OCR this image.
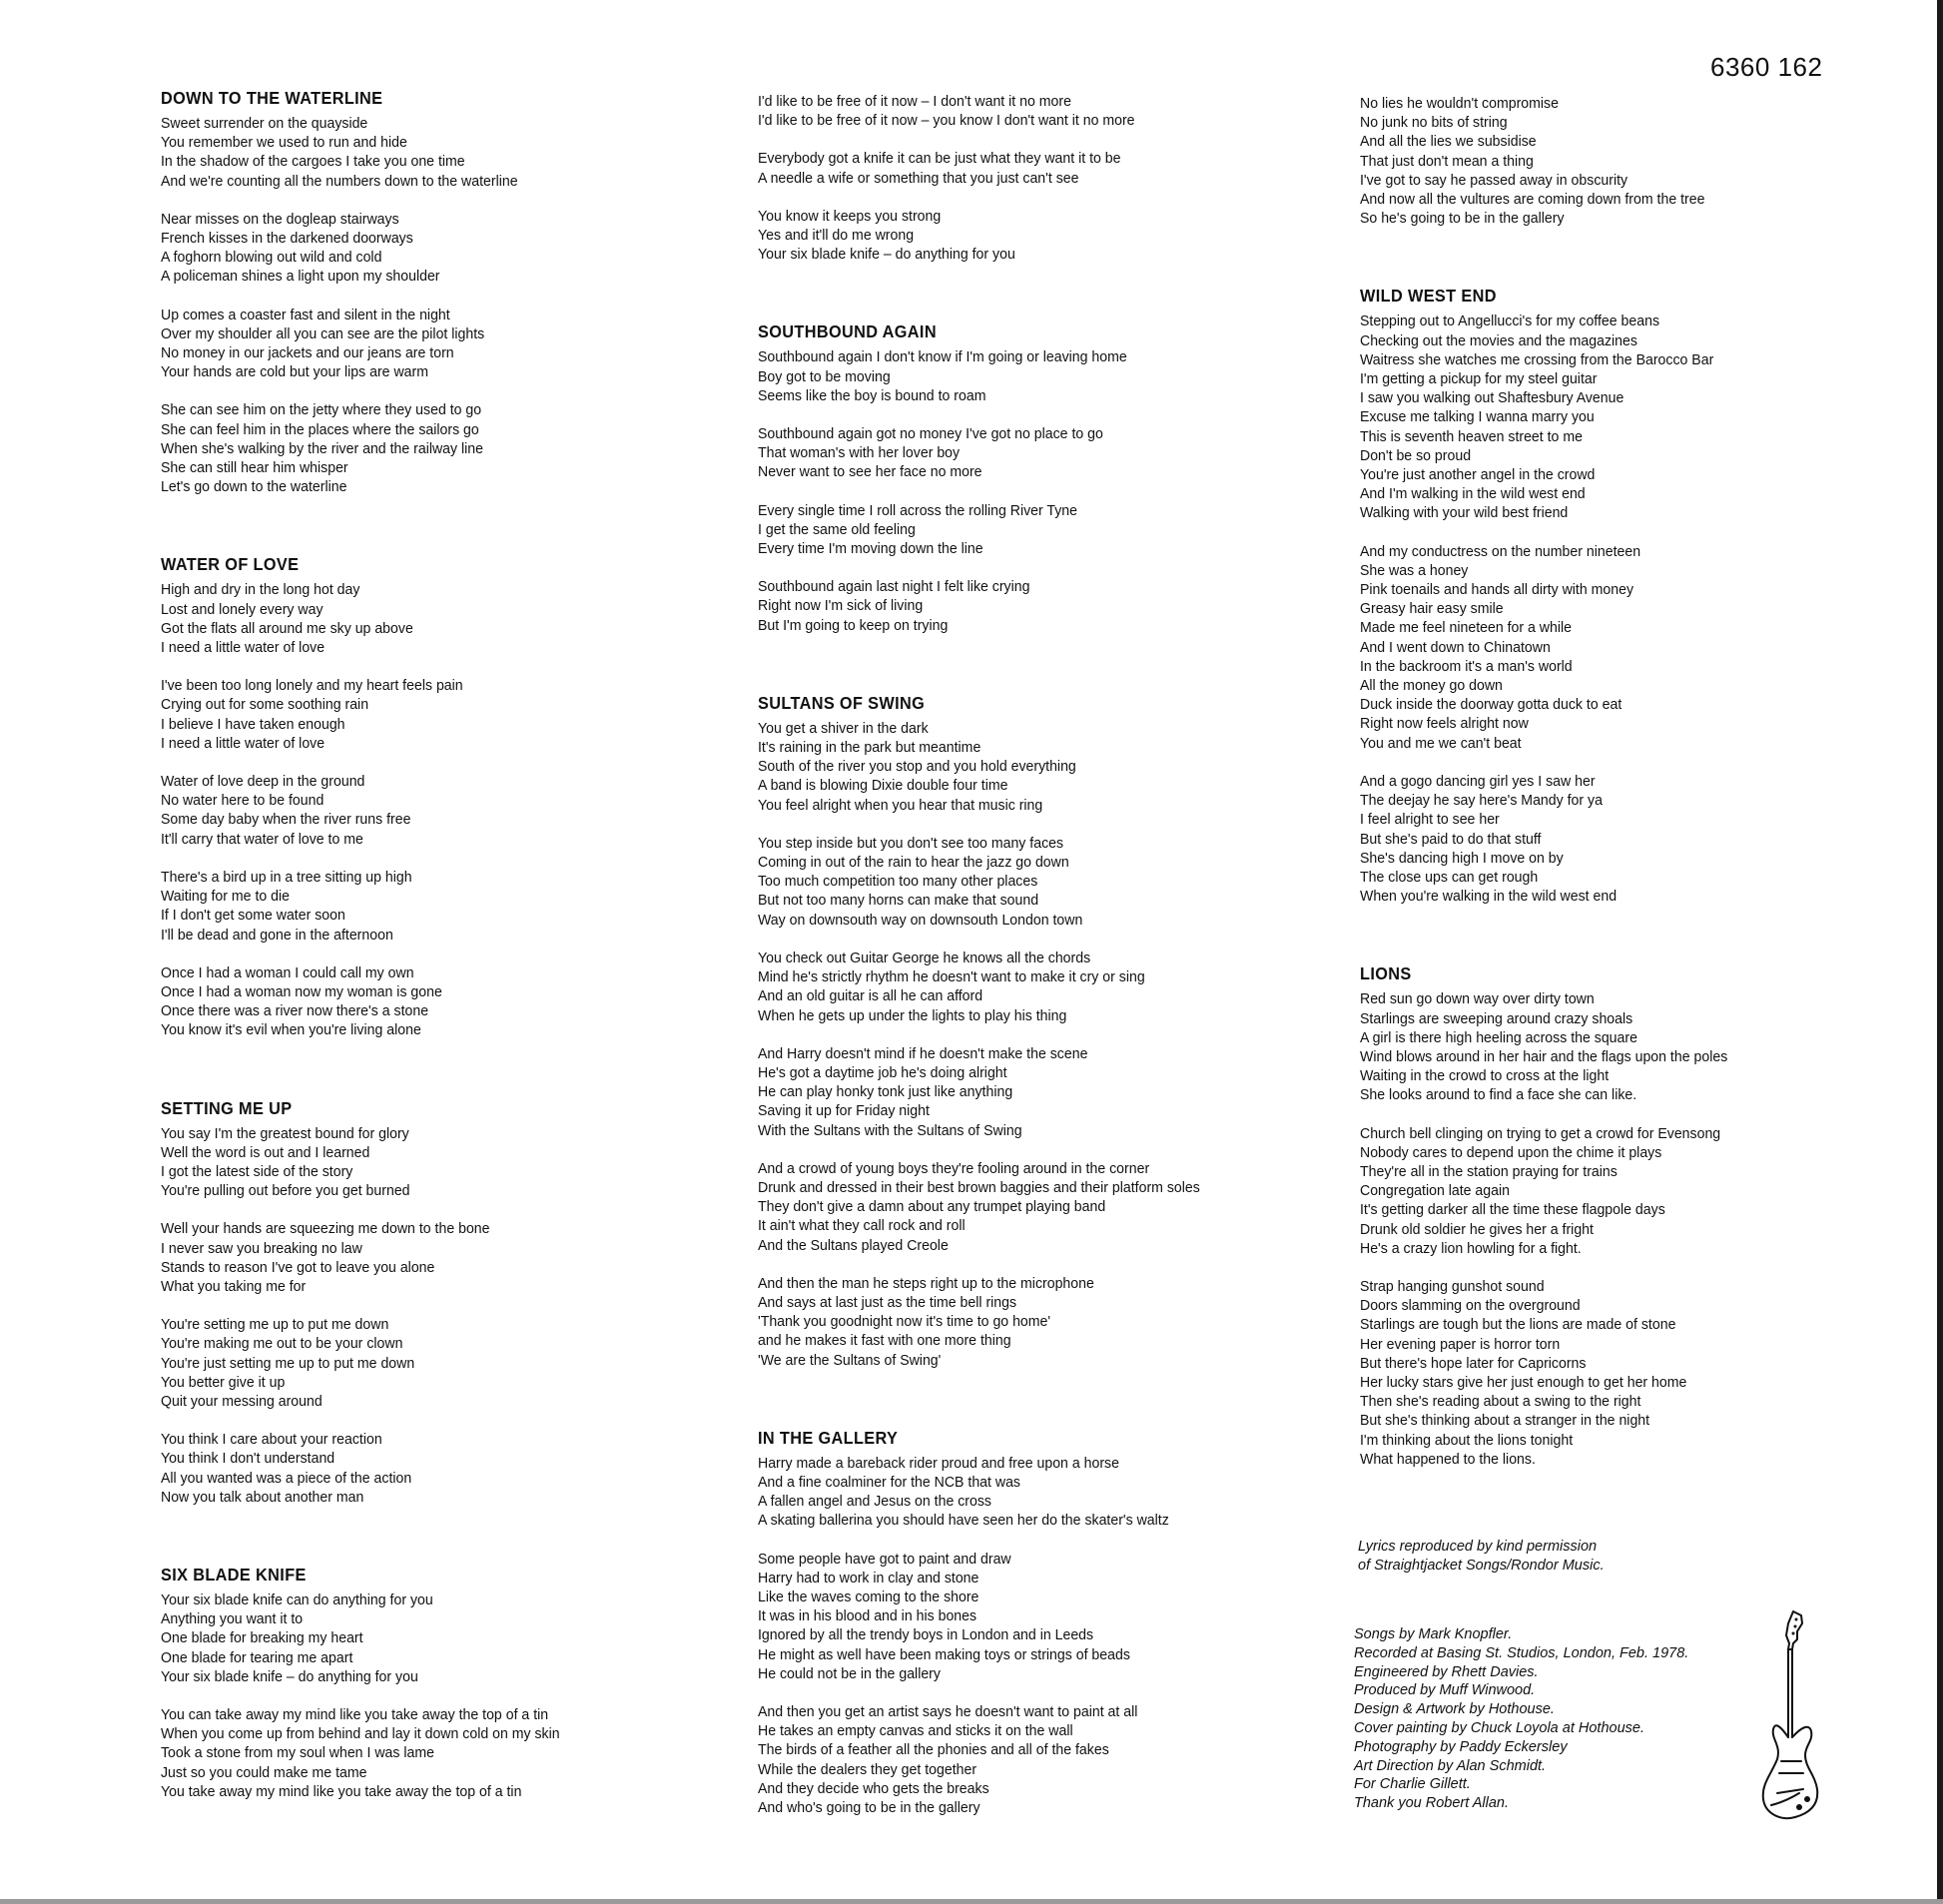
6360 162
DOWN TO THE WATERLINE
Sweet surrender on the quayside
You remember we used to run and hide
In the shadow of the cargoes I take you one time
And we're counting all the numbers down to the waterline
Near misses on the dogleap stairways
French kisses in the darkened doorways
A foghorn blowing out wild and cold
A policeman shines a light upon my shoulder
Up comes a coaster fast and silent in the night
Over my shoulder all you can see are the pilot lights
No money in our jackets and our jeans are torn
Your hands are cold but your lips are warm
She can see him on the jetty where they used to go
She can feel him in the places where the sailors go
When she's walking by the river and the railway line
She can still hear him whisper
Let's go down to the waterline
WATER OF LOVE
High and dry in the long hot day
Lost and lonely every way
Got the flats all around me sky up above
I need a little water of love
I've been too long lonely and my heart feels pain
Crying out for some soothing rain
I believe I have taken enough
I need a little water of love
Water of love deep in the ground
No water here to be found
Some day baby when the river runs free
It'll carry that water of love to me
There's a bird up in a tree sitting up high
Waiting for me to die
If I don't get some water soon
I'll be dead and gone in the afternoon
Once I had a woman I could call my own
Once I had a woman now my woman is gone
Once there was a river now there's a stone
You know it's evil when you're living alone
SETTING ME UP
You say I'm the greatest bound for glory
Well the word is out and I learned
I got the latest side of the story
You're pulling out before you get burned
Well your hands are squeezing me down to the bone
I never saw you breaking no law
Stands to reason I've got to leave you alone
What you taking me for
You're setting me up to put me down
You're making me out to be your clown
You're just setting me up to put me down
You better give it up
Quit your messing around
You think I care about your reaction
You think I don't understand
All you wanted was a piece of the action
Now you talk about another man
SIX BLADE KNIFE
Your six blade knife can do anything for you
Anything you want it to
One blade for breaking my heart
One blade for tearing me apart
Your six blade knife – do anything for you
You can take away my mind like you take away the top of a tin
When you come up from behind and lay it down cold on my skin
Took a stone from my soul when I was lame
Just so you could make me tame
You take away my mind like you take away the top of a tin
I'd like to be free of it now – I don't want it no more
I'd like to be free of it now – you know I don't want it no more
Everybody got a knife it can be just what they want it to be
A needle a wife or something that you just can't see
You know it keeps you strong
Yes and it'll do me wrong
Your six blade knife – do anything for you
SOUTHBOUND AGAIN
Southbound again I don't know if I'm going or leaving home
Boy got to be moving
Seems like the boy is bound to roam
Southbound again got no money I've got no place to go
That woman's with her lover boy
Never want to see her face no more
Every single time I roll across the rolling River Tyne
I get the same old feeling
Every time I'm moving down the line
Southbound again last night I felt like crying
Right now I'm sick of living
But I'm going to keep on trying
SULTANS OF SWING
You get a shiver in the dark
It's raining in the park but meantime
South of the river you stop and you hold everything
A band is blowing Dixie double four time
You feel alright when you hear that music ring
You step inside but you don't see too many faces
Coming in out of the rain to hear the jazz go down
Too much competition too many other places
But not too many horns can make that sound
Way on downsouth way on downsouth London town
You check out Guitar George he knows all the chords
Mind he's strictly rhythm he doesn't want to make it cry or sing
And an old guitar is all he can afford
When he gets up under the lights to play his thing
And Harry doesn't mind if he doesn't make the scene
He's got a daytime job he's doing alright
He can play honky tonk just like anything
Saving it up for Friday night
With the Sultans with the Sultans of Swing
And a crowd of young boys they're fooling around in the corner
Drunk and dressed in their best brown baggies and their platform soles
They don't give a damn about any trumpet playing band
It ain't what they call rock and roll
And the Sultans played Creole
And then the man he steps right up to the microphone
And says at last just as the time bell rings
'Thank you goodnight now it's time to go home'
and he makes it fast with one more thing
'We are the Sultans of Swing'
IN THE GALLERY
Harry made a bareback rider proud and free upon a horse
And a fine coalminer for the NCB that was
A fallen angel and Jesus on the cross
A skating ballerina you should have seen her do the skater's waltz
Some people have got to paint and draw
Harry had to work in clay and stone
Like the waves coming to the shore
It was in his blood and in his bones
Ignored by all the trendy boys in London and in Leeds
He might as well have been making toys or strings of beads
He could not be in the gallery
And then you get an artist says he doesn't want to paint at all
He takes an empty canvas and sticks it on the wall
The birds of a feather all the phonies and all of the fakes
While the dealers they get together
And they decide who gets the breaks
And who's going to be in the gallery
No lies he wouldn't compromise
No junk no bits of string
And all the lies we subsidise
That just don't mean a thing
I've got to say he passed away in obscurity
And now all the vultures are coming down from the tree
So he's going to be in the gallery
WILD WEST END
Stepping out to Angellucci's for my coffee beans
Checking out the movies and the magazines
Waitress she watches me crossing from the Barocco Bar
I'm getting a pickup for my steel guitar
I saw you walking out Shaftesbury Avenue
Excuse me talking I wanna marry you
This is seventh heaven street to me
Don't be so proud
You're just another angel in the crowd
And I'm walking in the wild west end
Walking with your wild best friend
And my conductress on the number nineteen
She was a honey
Pink toenails and hands all dirty with money
Greasy hair easy smile
Made me feel nineteen for a while
And I went down to Chinatown
In the backroom it's a man's world
All the money go down
Duck inside the doorway gotta duck to eat
Right now feels alright now
You and me we can't beat
And a gogo dancing girl yes I saw her
The deejay he say here's Mandy for ya
I feel alright to see her
But she's paid to do that stuff
She's dancing high I move on by
The close ups can get rough
When you're walking in the wild west end
LIONS
Red sun go down way over dirty town
Starlings are sweeping around crazy shoals
A girl is there high heeling across the square
Wind blows around in her hair and the flags upon the poles
Waiting in the crowd to cross at the light
She looks around to find a face she can like.
Church bell clinging on trying to get a crowd for Evensong
Nobody cares to depend upon the chime it plays
They're all in the station praying for trains
Congregation late again
It's getting darker all the time these flagpole days
Drunk old soldier he gives her a fright
He's a crazy lion howling for a fight.
Strap hanging gunshot sound
Doors slamming on the overground
Starlings are tough but the lions are made of stone
Her evening paper is horror torn
But there's hope later for Capricorns
Her lucky stars give her just enough to get her home
Then she's reading about a swing to the right
But she's thinking about a stranger in the night
I'm thinking about the lions tonight
What happened to the lions.
Lyrics reproduced by kind permission
of Straightjacket Songs/Rondor Music.
Songs by Mark Knopfler.
Recorded at Basing St. Studios, London, Feb. 1978.
Engineered by Rhett Davies.
Produced by Muff Winwood.
Design & Artwork by Hothouse.
Cover painting by Chuck Loyola at Hothouse.
Photography by Paddy Eckersley
Art Direction by Alan Schmidt.
For Charlie Gillett.
Thank you Robert Allan.
